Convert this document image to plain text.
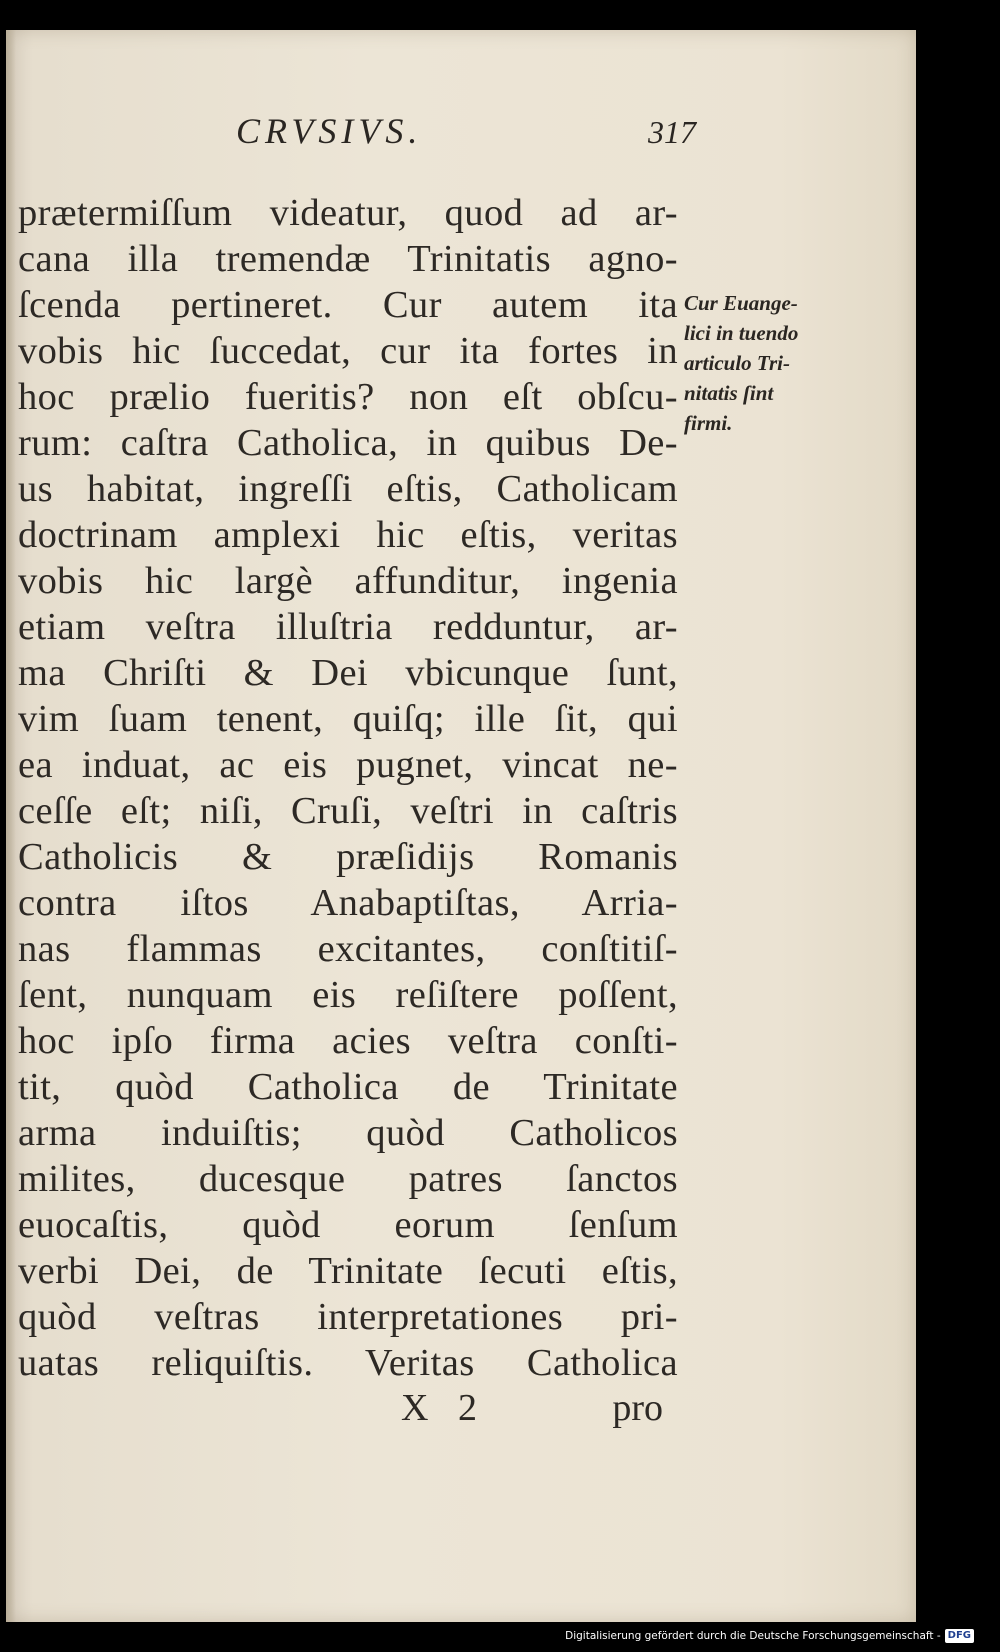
CRVSIVS.	317
prætermiſſum videatur, quod ad ar-
cana illa tremendæ Trinitatis agno-
ſcenda pertineret. Cur autem ita
vobis hic ſuccedat, cur ita fortes in
hoc prælio fueritis? non eſt obſcu-
rum: caſtra Catholica, in quibus De-
us habitat, ingreſſi eſtis, Catholicam
doctrinam amplexi hic eſtis, veritas
vobis hic largè affunditur, ingenia
etiam veſtra illuſtria redduntur, ar-
ma Chriſti & Dei vbicunque ſunt,
vim ſuam tenent, quiſq; ille ſit, qui
ea induat, ac eis pugnet, vincat ne-
ceſſe eſt; niſi, Cruſi, veſtri in caſtris
Catholicis & præſidijs Romanis
contra iſtos Anabaptiſtas, Arria-
nas flammas excitantes, conſtitiſ-
ſent, nunquam eis reſiſtere poſſent,
hoc ipſo firma acies veſtra conſti-
tit, quòd Catholica de Trinitate
arma induiſtis; quòd Catholicos
milites, ducesque patres ſanctos
euocaſtis, quòd eorum ſenſum
verbi Dei, de Trinitate ſecuti eſtis,
quòd veſtras interpretationes pri-
uatas reliquiſtis. Veritas Catholica
X 2	pro
Cur Euange-
lici in tuendo
articulo Tri-
nitatis ſint
firmi.
Digitalisierung gefördert durch die Deutsche Forschungsgemeinschaft - DFG
